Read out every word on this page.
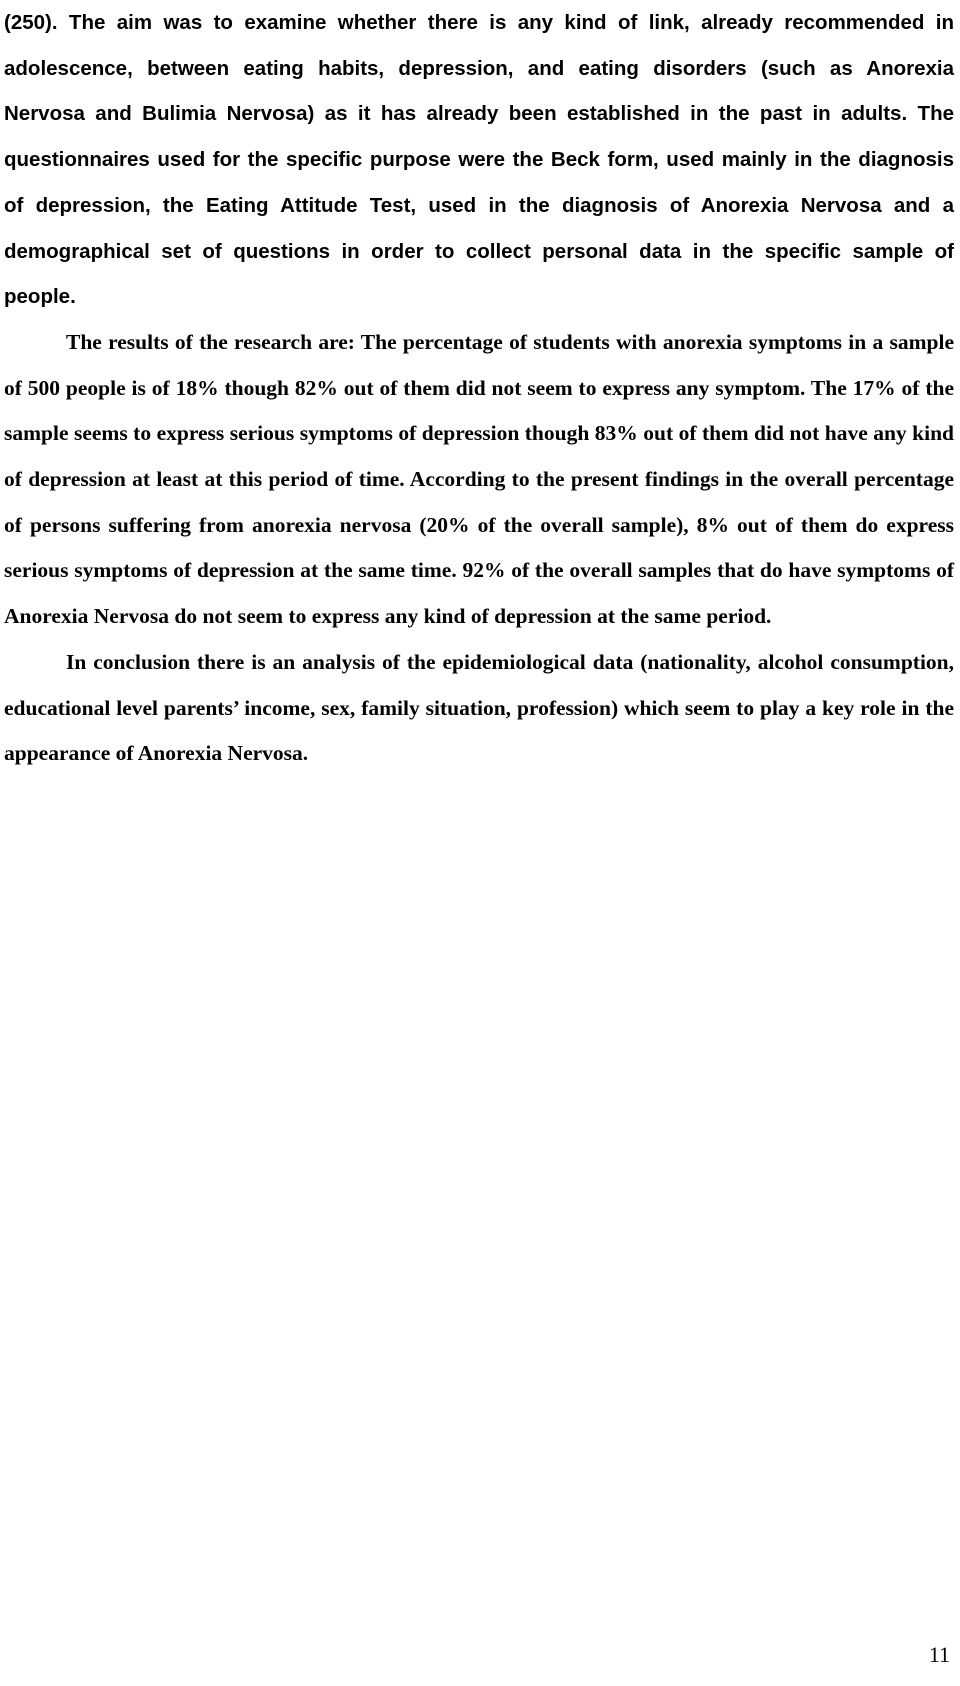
(250). The aim was to examine whether there is any kind of link, already recommended in adolescence, between eating habits, depression, and eating disorders (such as Anorexia Nervosa and Bulimia Nervosa) as it has already been established in the past in adults. The questionnaires used for the specific purpose were the Beck form, used mainly in the diagnosis of depression, the Eating Attitude Test, used in the diagnosis of Anorexia Nervosa and a demographical set of questions in order to collect personal data in the specific sample of people.

The results of the research are: The percentage of students with anorexia symptoms in a sample of 500 people is of 18% though 82% out of them did not seem to express any symptom. The 17% of the sample seems to express serious symptoms of depression though 83% out of them did not have any kind of depression at least at this period of time. According to the present findings in the overall percentage of persons suffering from anorexia nervosa (20% of the overall sample), 8% out of them do express serious symptoms of depression at the same time. 92% of the overall samples that do have symptoms of Anorexia Nervosa do not seem to express any kind of depression at the same period.

In conclusion there is an analysis of the epidemiological data (nationality, alcohol consumption, educational level parents’ income, sex, family situation, profession) which seem to play a key role in the appearance of Anorexia Nervosa.

11
